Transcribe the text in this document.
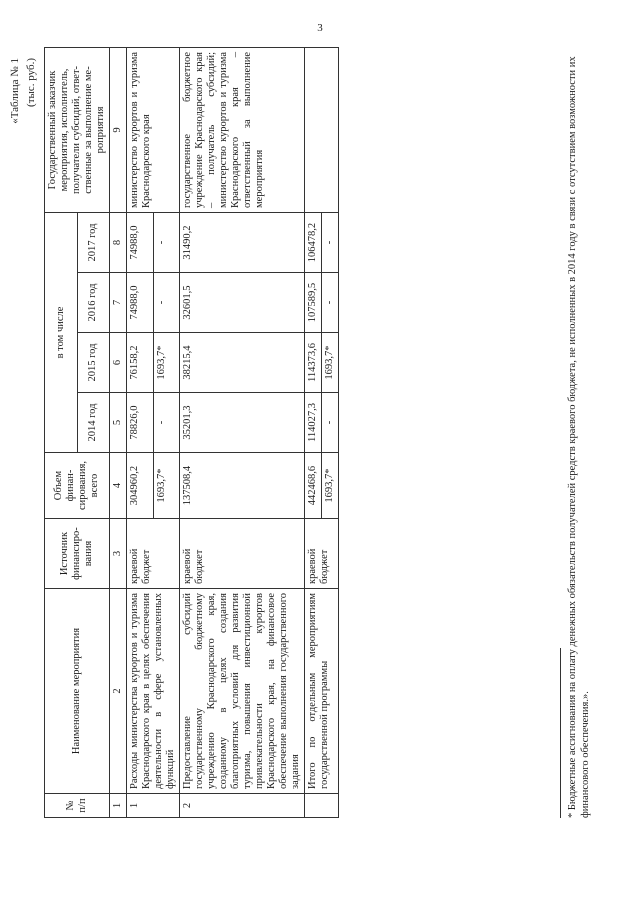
3
«Таблица № 1 (тыс. руб.)
№ п/п	Наименование мероприятия	Источник финансиро- вания	Объем финан- сирования, всего	в том числе				Государственный заказчик мероприятия, исполнитель, получатели субсидий, ответ- ственные за выполнение ме- роприятия
				2014 год	2015 год	2016 год	2017 год	
1	2	3	4	5	6	7	8	9
1	Расходы министерства курортов и туризма Краснодарского края в целях обеспечения деятельности в сфере установленных функций	краевой бюджет	304960,2	78826,0	76158,2	74988,0	74988,0	министерство курортов и туризма Краснодарского края
			1693,7*	-	1693,7*	-	-	
2	Предоставление субсидий государственному бюджетному учреждению Краснодарского края, созданному в целях создания благоприятных условий для развития туризма, повышения инвестиционной привлекательности курортов Краснодарского края, на финансовое обеспечение выполнения государственного задания	краевой бюджет	137508,4	35201,3	38215,4	32601,5	31490,2	государственное бюджетное учреждение Краснодарского края – получатель субсидий; министерство курортов и туризма Краснодарского края – ответственный за выполнение мероприятия
	Итого по отдельным мероприятиям государственной программы	краевой бюджет	442468,6	114027,3	114373,6	107589,5	106478,2	
			1693,7*	-	1693,7*	-	-		* Бюджетные ассигнования на оплату денежных обязательств получателей средств краевого бюджета, не исполненных в 2014 году в связи с отсутствием возможности их финансового обеспечения.».
